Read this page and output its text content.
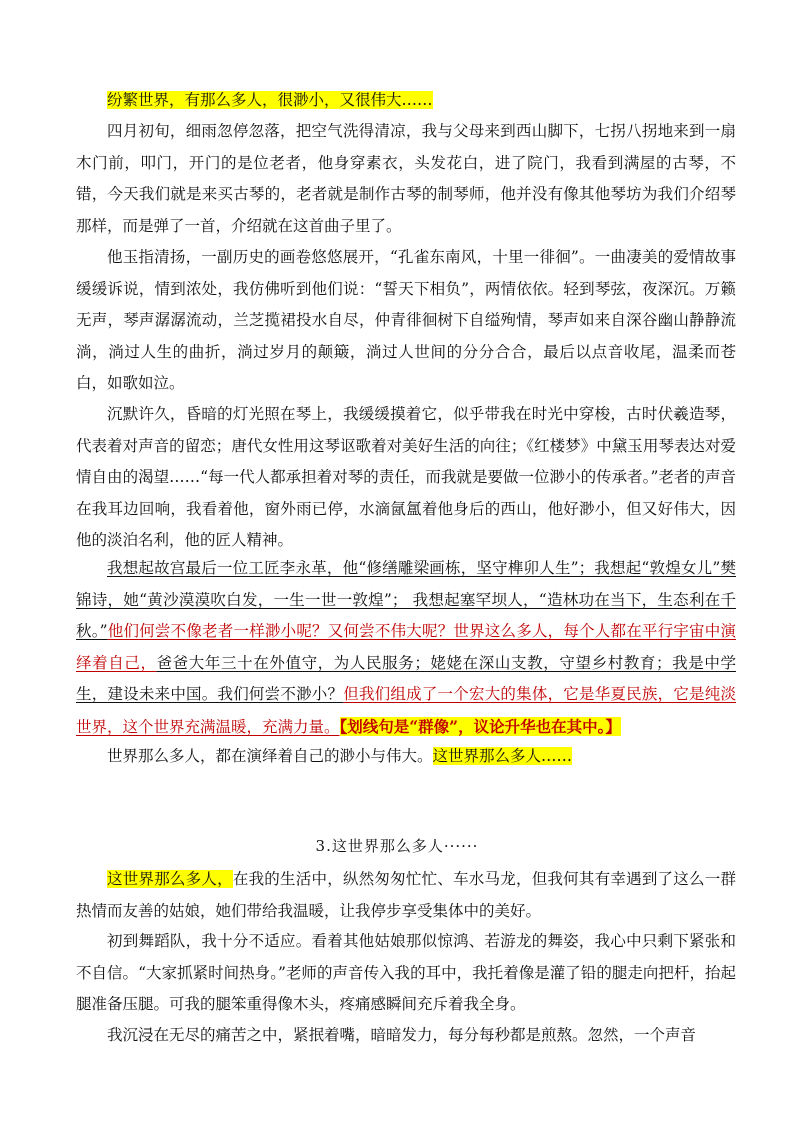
纷繁世界，有那么多人，很渺小，又很伟大……
四月初旬，细雨忽停忽落，把空气洗得清凉，我与父母来到西山脚下，七拐八拐地来到一扇木门前，叩门，开门的是位老者，他身穿素衣，头发花白，进了院门，我看到满屋的古琴，不错，今天我们就是来买古琴的，老者就是制作古琴的制琴师，他并没有像其他琴坊为我们介绍琴那样，而是弹了一首，介绍就在这首曲子里了。
他玉指清扬，一副历史的画卷悠悠展开，“孔雀东南风，十里一徘徊”。一曲凄美的爱情故事缓缓诉说，情到浓处，我仿佛听到他们说：“誓天下相负”，两情依依。轻到琴弦，夜深沉。万籁无声，琴声潺潺流动，兰芝揽裙投水自尽，仲青徘徊树下自缢殉情，琴声如来自深谷幽山静静流淌，淌过人生的曲折，淌过岁月的颠簸，淌过人世间的分分合合，最后以点音收尾，温柔而苍白，如歌如泣。
沉默许久，昏暗的灯光照在琴上，我缓缓摸着它，似乎带我在时光中穿梭，古时伏羲造琴，代表着对声音的留恋；唐代女性用这琴讴歌着对美好生活的向往；《红楼梦》中黛玉用琴表达对爱情自由的渴望……“每一代人都承担着对琴的责任，而我就是要做一位渺小的传承者。”老者的声音在我耳边回响，我看着他，窗外雨已停，水滴氤氲着他身后的西山，他好渺小，但又好伟大，因他的淡泊名利，他的匠人精神。
我想起故宫最后一位工匠李永革，他“修缮雕梁画栋，坚守榫卯人生”；我想起“敦煌女儿”樊锦诗，她“黄沙漠漠吹白发，一生一世一敦煌”； 我想起塞罕坝人，“造林功在当下，生态利在千秋。”他们何尝不像老者一样渺小呢？又何尝不伟大呢？世界这么多人，每个人都在平行宇宙中演绎着自己，爸爸大年三十在外值守，为人民服务；姥姥在深山支教，守望乡村教育；我是中学生，建设未来中国。我们何尝不渺小？但我们组成了一个宏大的集体，它是华夏民族，它是纯淡世界，这个世界充满温暖，充满力量。【划线句是“群像”，议论升华也在其中。】
世界那么多人，都在演绎着自己的渺小与伟大。这世界那么多人……
3.这世界那么多人······
这世界那么多人，在我的生活中，纵然匆匆忙忙、车水马龙，但我何其有幸遇到了这么一群热情而友善的姑娘，她们带给我温暖，让我停步享受集体中的美好。
初到舞蹈队，我十分不适应。看着其他姑娘那似惊鸿、若游龙的舞姿，我心中只剩下紧张和不自信。“大家抓紧时间热身。”老师的声音传入我的耳中，我托着像是灌了铅的腿走向把杆，抬起腿准备压腿。可我的腿笨重得像木头，疼痛感瞬间充斥着我全身。
我沉浸在无尽的痛苦之中，紧抿着嘴，暗暗发力，每分每秒都是煎熬。忽然，一个声音
